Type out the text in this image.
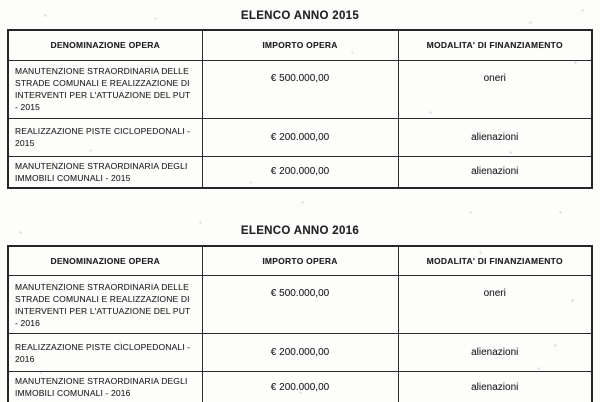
ELENCO ANNO 2015
DENOMINAZIONE OPERA	IMPORTO OPERA	MODALITA' DI FINANZIAMENTO
MANUTENZIONE STRAORDINARIA DELLE STRADE COMUNALI E REALIZZAZIONE DI INTERVENTI PER L'ATTUAZIONE DEL PUT - 2015	€ 500.000,00	oneri
REALIZZAZIONE PISTE CICLOPEDONALI - 2015	€ 200.000,00	alienazioni
MANUTENZIONE STRAORDINARIA DEGLI IMMOBILI COMUNALI - 2015	€ 200.000,00	alienazioni
ELENCO ANNO 2016
DENOMINAZIONE OPERA	IMPORTO OPERA	MODALITA' DI FINANZIAMENTO
MANUTENZIONE STRAORDINARIA DELLE STRADE COMUNALI E REALIZZAZIONE DI INTERVENTI PER L'ATTUAZIONE DEL PUT - 2016	€ 500.000,00	oneri
REALIZZAZIONE PISTE CICLOPEDONALI - 2016	€ 200.000,00	alienazioni
MANUTENZIONE STRAORDINARIA DEGLI IMMOBILI COMUNALI - 2016	€ 200.000,00	alienazioni
